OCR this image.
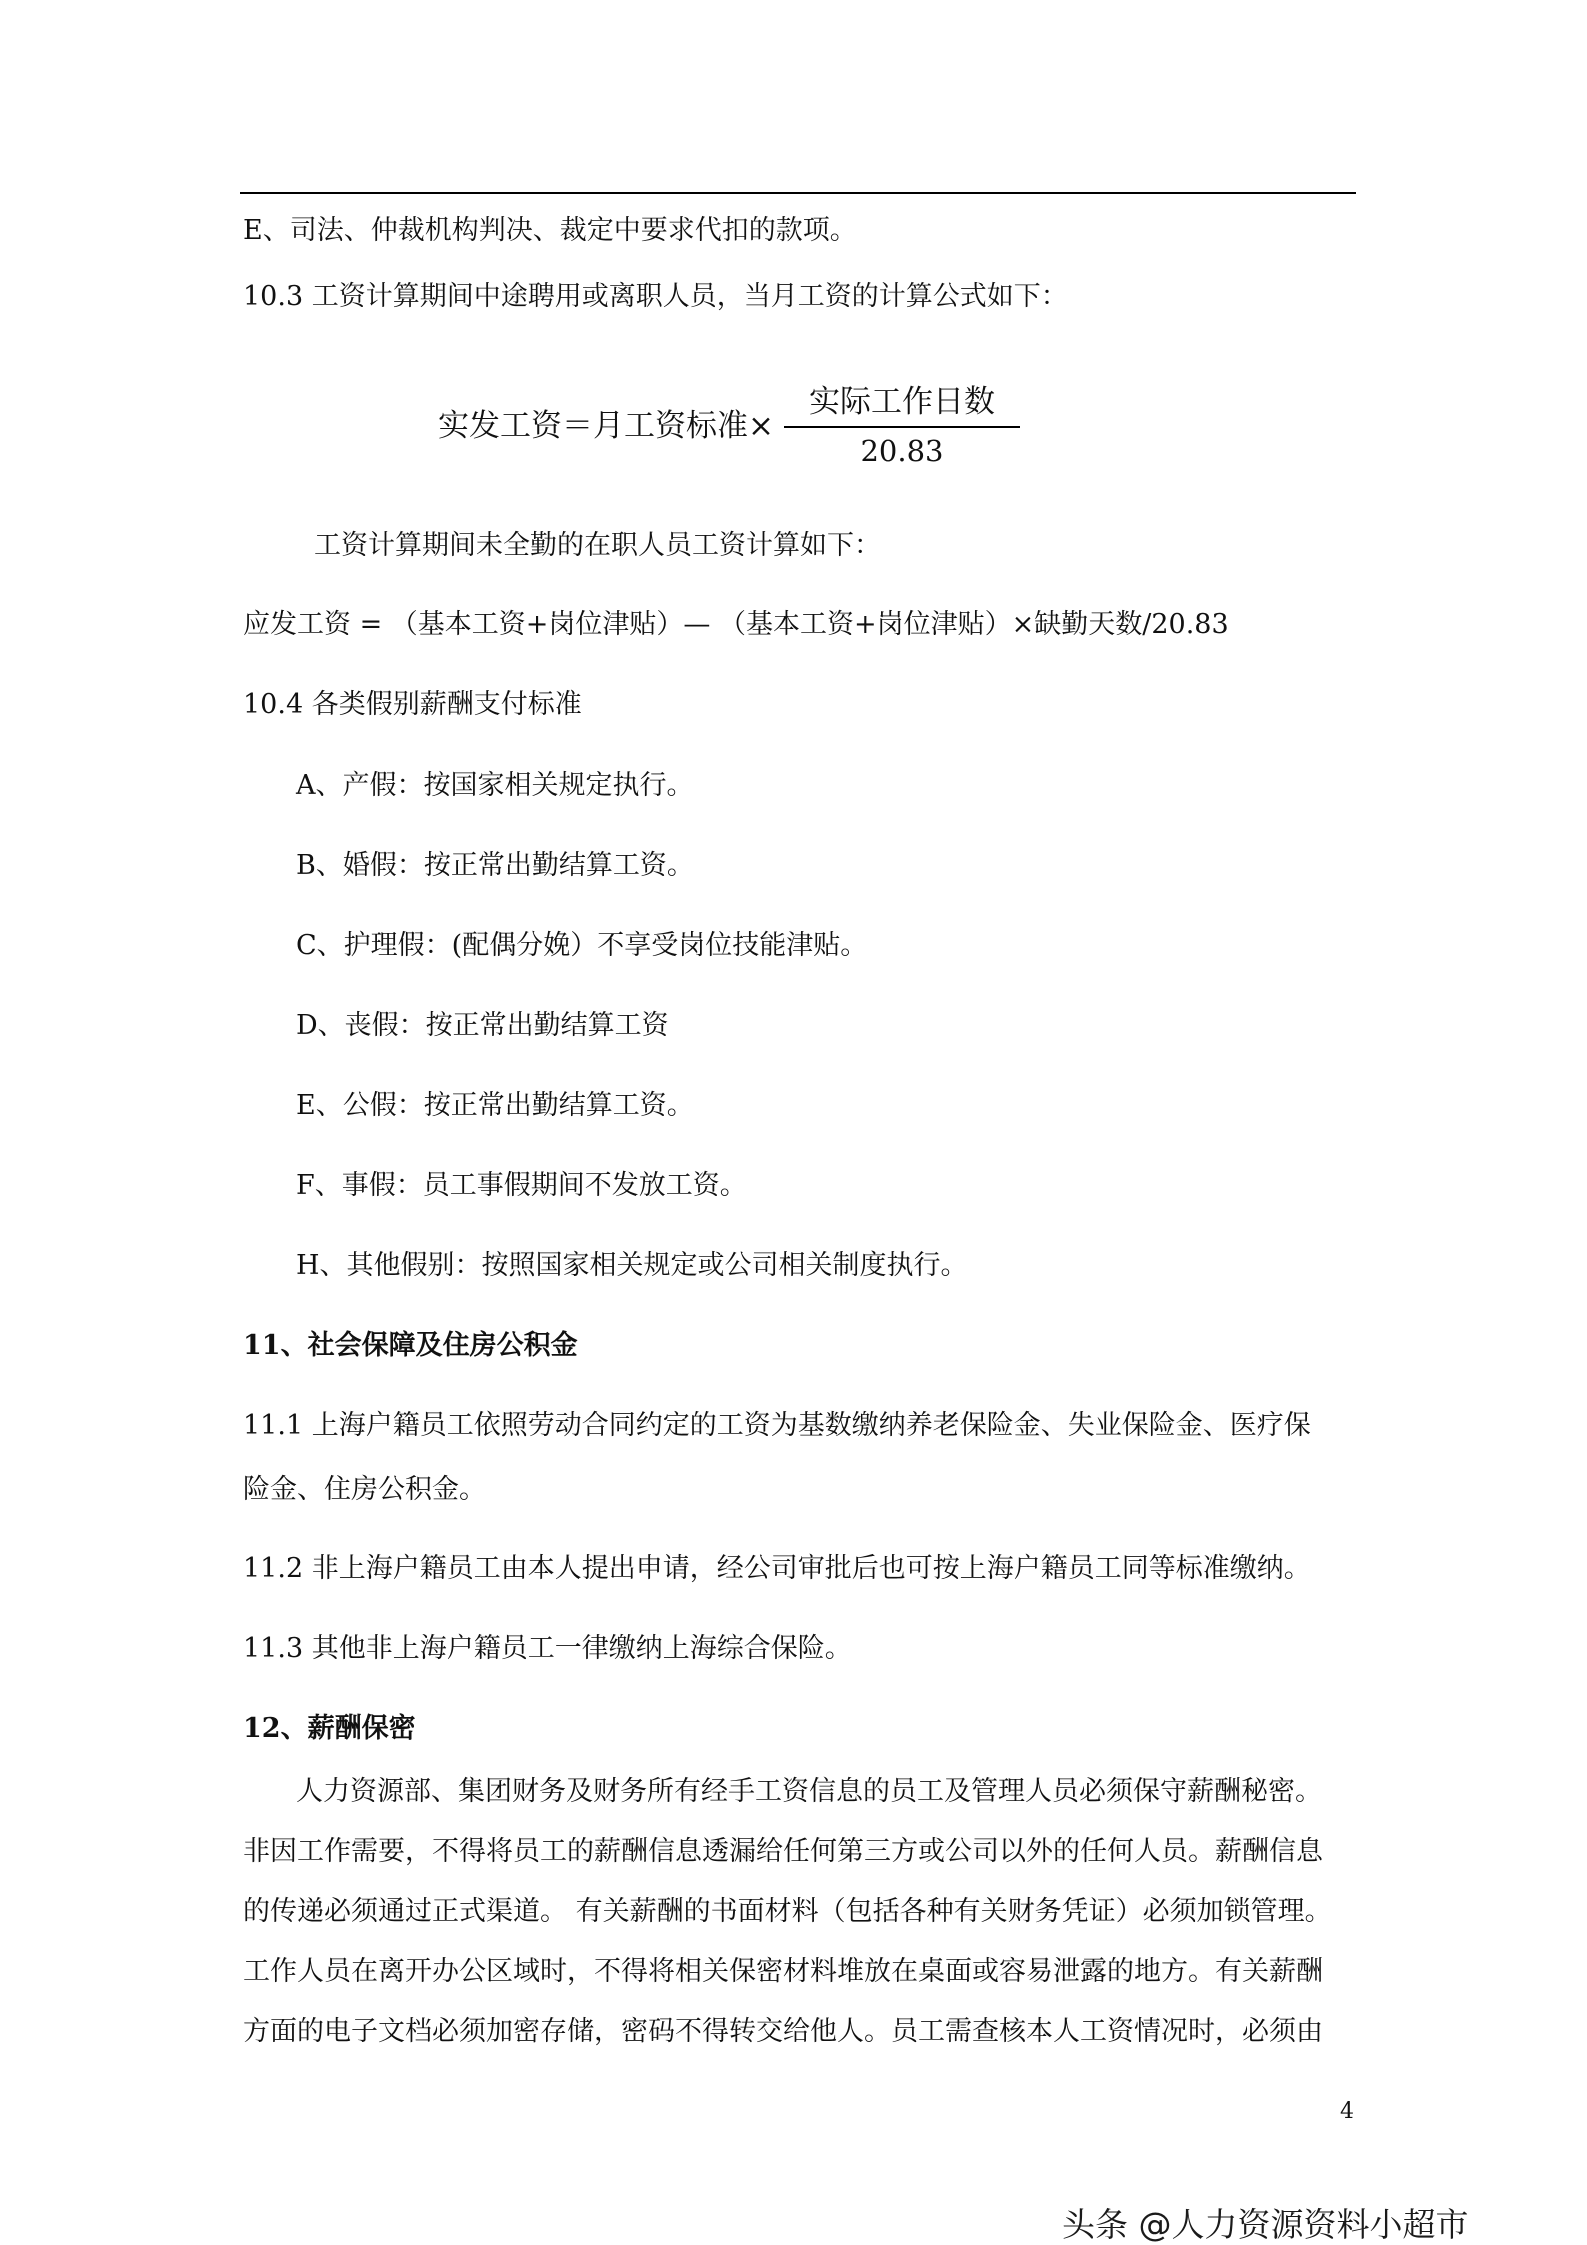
E、司法、仲裁机构判决、裁定中要求代扣的款项。
10.3 工资计算期间中途聘用或离职人员，当月工资的计算公式如下：
实发工资＝月工资标准×
实际工作日数
20.83
工资计算期间未全勤的在职人员工资计算如下：
应发工资 = （基本工资+岗位津贴）— （基本工资+岗位津贴）×缺勤天数/20.83
10.4 各类假别薪酬支付标准
A、产假：按国家相关规定执行。
B、婚假：按正常出勤结算工资。
C、护理假：(配偶分娩）不享受岗位技能津贴。
D、丧假：按正常出勤结算工资
E、公假：按正常出勤结算工资。
F、事假：员工事假期间不发放工资。
H、其他假别：按照国家相关规定或公司相关制度执行。
11、社会保障及住房公积金
11.1 上海户籍员工依照劳动合同约定的工资为基数缴纳养老保险金、失业保险金、医疗保
险金、住房公积金。
11.2 非上海户籍员工由本人提出申请，经公司审批后也可按上海户籍员工同等标准缴纳。
11.3 其他非上海户籍员工一律缴纳上海综合保险。
12、薪酬保密
人力资源部、集团财务及财务所有经手工资信息的员工及管理人员必须保守薪酬秘密。
非因工作需要，不得将员工的薪酬信息透漏给任何第三方或公司以外的任何人员。薪酬信息
的传递必须通过正式渠道。 有关薪酬的书面材料（包括各种有关财务凭证）必须加锁管理。
工作人员在离开办公区域时，不得将相关保密材料堆放在桌面或容易泄露的地方。有关薪酬
方面的电子文档必须加密存储，密码不得转交给他人。员工需查核本人工资情况时，必须由
4
头条 @人力资源资料小超市
